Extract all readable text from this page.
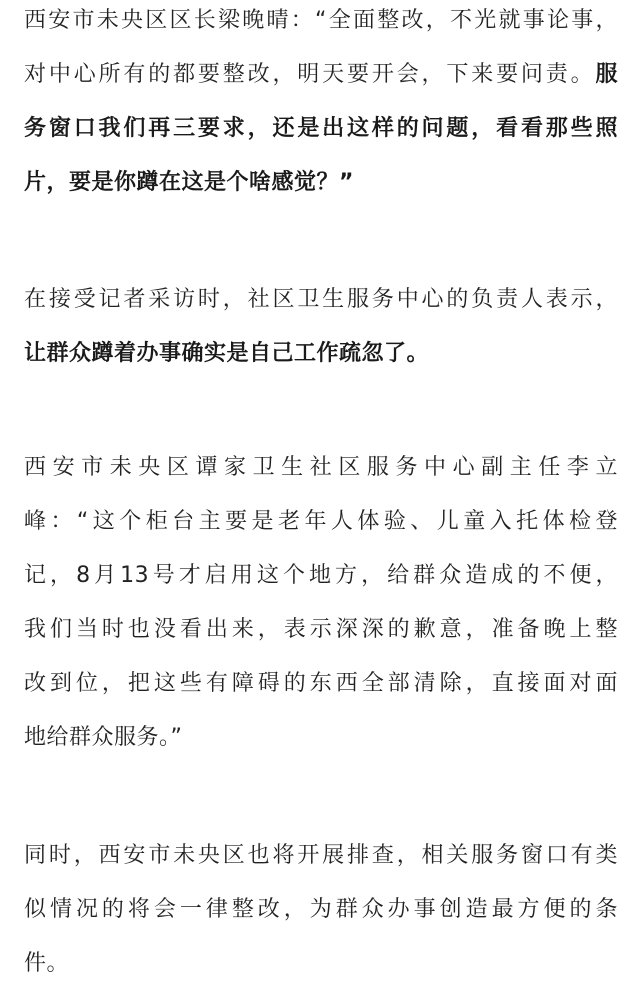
西安市未央区区长梁晚晴：“全面整改，不光就事论事，
对中心所有的都要整改，明天要开会，下来要问责。服
务窗口我们再三要求，还是出这样的问题，看看那些照
片，要是你蹲在这是个啥感觉？”
在接受记者采访时，社区卫生服务中心的负责人表示，
让群众蹲着办事确实是自己工作疏忽了。
西安市未央区谭家卫生社区服务中心副主任李立
峰：“这个柜台主要是老年人体验、儿童入托体检登
记，8月13号才启用这个地方，给群众造成的不便，
我们当时也没看出来，表示深深的歉意，准备晚上整
改到位，把这些有障碍的东西全部清除，直接面对面
地给群众服务。”
同时，西安市未央区也将开展排查，相关服务窗口有类
似情况的将会一律整改，为群众办事创造最方便的条
件。
